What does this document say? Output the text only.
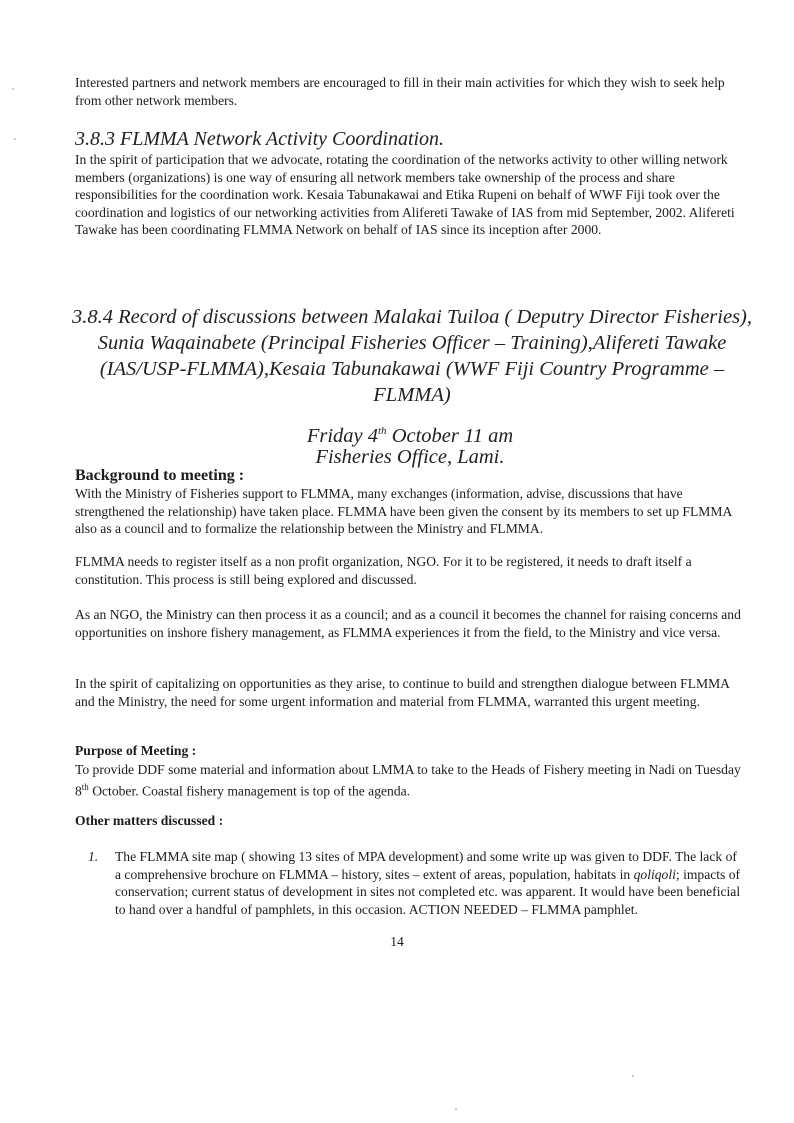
Interested partners and network members are encouraged to fill in their main activities for which they wish to seek help from other network members.

3.8.3 FLMMA Network Activity Coordination.

In the spirit of participation that we advocate, rotating the coordination of the networks activity to other willing network members (organizations) is one way of ensuring all network members take ownership of the process and share responsibilities for the coordination work. Kesaia Tabunakawai and Etika Rupeni on behalf of WWF Fiji took over the coordination and logistics of our networking activities from Alifereti Tawake of IAS from mid September, 2002. Alifereti Tawake has been coordinating FLMMA Network on behalf of IAS since its inception after 2000.

3.8.4 Record of discussions between Malakai Tuiloa ( Deputry Director Fisheries), Sunia Waqainabete (Principal Fisheries Officer – Training),Alifereti Tawake (IAS/USP-FLMMA),Kesaia Tabunakawai (WWF Fiji Country Programme –FLMMA)
Friday 4th October 11 am
Fisheries Office, Lami.
Background to meeting :

With the Ministry of Fisheries support to FLMMA, many exchanges (information, advise, discussions that have strengthened the relationship) have taken place. FLMMA have been given the consent by its members to set up FLMMA also as a council and to formalize the relationship between the Ministry and FLMMA.

FLMMA needs to register itself as a non profit organization, NGO. For it to be registered, it needs to draft itself a constitution. This process is still being explored and discussed.

As an NGO, the Ministry can then process it as a council; and as a council it becomes the channel for raising concerns and opportunities on inshore fishery management, as FLMMA experiences it from the field, to the Ministry and vice versa.

In the spirit of capitalizing on opportunities as they arise, to continue to build and strengthen dialogue between FLMMA and the Ministry, the need for some urgent information and material from FLMMA, warranted this urgent meeting.

Purpose of Meeting :

To provide DDF some material and information about LMMA to take to the Heads of Fishery meeting in Nadi on Tuesday 8th October. Coastal fishery management is top of the agenda.

Other matters discussed :
1. The FLMMA site map ( showing 13 sites of MPA development) and some write up was given to DDF. The lack of a comprehensive brochure on FLMMA – history, sites – extent of areas, population, habitats in qoliqoli; impacts of conservation; current status of development in sites not completed etc. was apparent. It would have been beneficial to hand over a handful of pamphlets, in this occasion. ACTION NEEDED – FLMMA pamphlet.
14
